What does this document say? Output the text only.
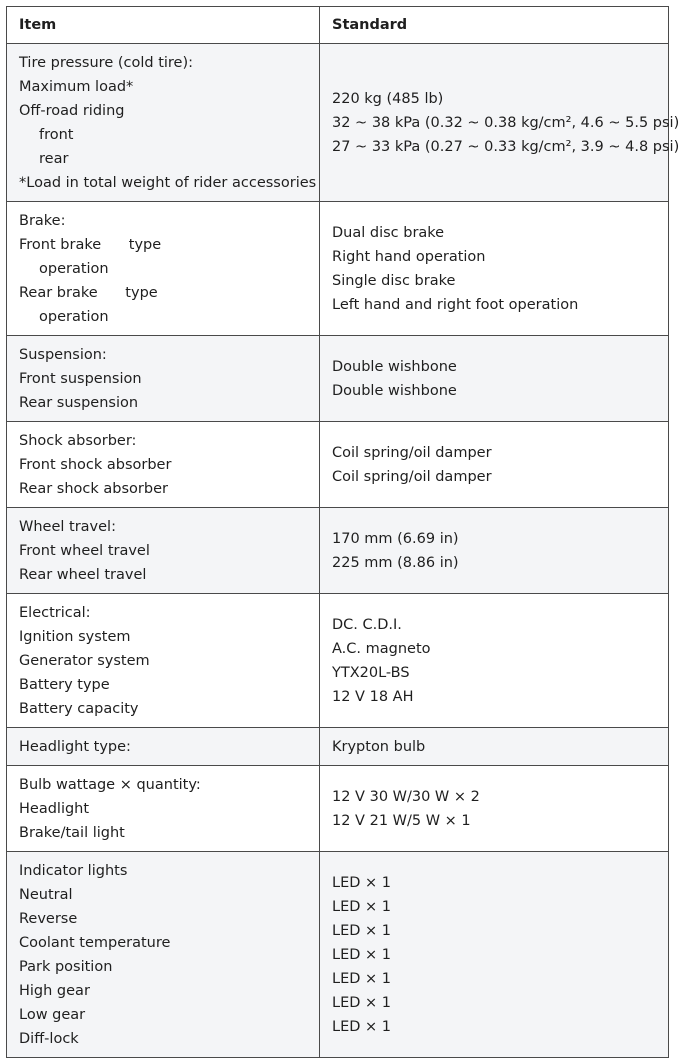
Item	Standard
Tire pressure (cold tire):
Maximum load*
Off-road riding
front
rear
*Load in total weight of rider accessories
220 kg (485 lb)
32 ~ 38 kPa (0.32 ~ 0.38 kg/cm², 4.6 ~ 5.5 psi)
27 ~ 33 kPa (0.27 ~ 0.33 kg/cm², 3.9 ~ 4.8 psi)
Brake:
Front brake      type
operation
Rear brake      type
operation
Dual disc brake
Right hand operation
Single disc brake
Left hand and right foot operation
Suspension:
Front suspension
Rear suspension
Double wishbone
Double wishbone
Shock absorber:
Front shock absorber
Rear shock absorber
Coil spring/oil damper
Coil spring/oil damper
Wheel travel:
Front wheel travel
Rear wheel travel
170 mm (6.69 in)
225 mm (8.86 in)
Electrical:
Ignition system
Generator system
Battery type
Battery capacity
DC. C.D.I.
A.C. magneto
YTX20L-BS
12 V 18 AH
Headlight type:	Krypton bulb
Bulb wattage × quantity:
Headlight
Brake/tail light
12 V 30 W/30 W × 2
12 V 21 W/5 W × 1
Indicator lights
Neutral
Reverse
Coolant temperature
Park position
High gear
Low gear
Diff-lock
LED × 1
LED × 1
LED × 1
LED × 1
LED × 1
LED × 1
LED × 1
